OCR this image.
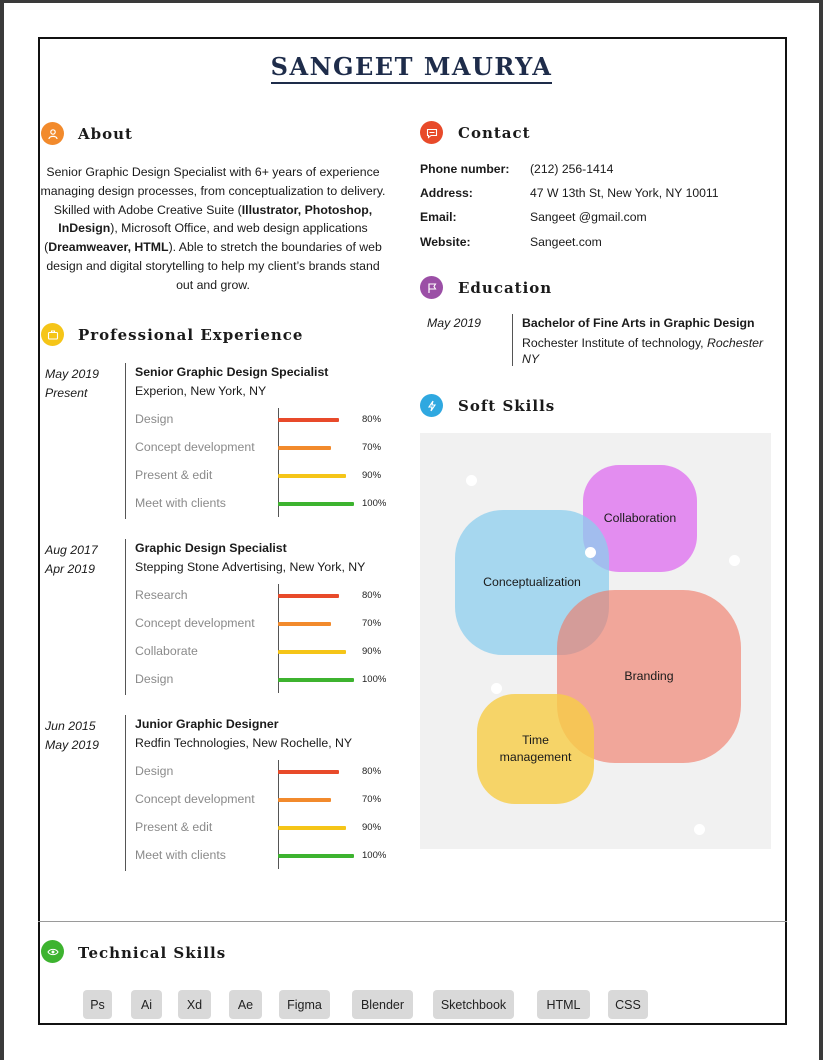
SANGEET MAURYA
About
Senior Graphic Design Specialist with 6+ years of experience managing design processes, from conceptualization to delivery. Skilled with Adobe Creative Suite (Illustrator, Photoshop, InDesign), Microsoft Office, and web design applications (Dreamweaver, HTML). Able to stretch the boundaries of web design and digital storytelling to help my client’s brands stand out and grow.
Contact
Phone number:	(212) 256-1414
Address:	47 W 13th St, New York, NY 10011
Email:	Sangeet @gmail.com
Website:	Sangeet.com
Education
May 2019	Bachelor of Fine Arts in Graphic Design
Rochester Institute of technology, Rochester NY
Professional Experience
May 2019
Present
Senior Graphic Design Specialist
Experion, New York, NY
Design	80%
Concept development	70%
Present & edit	90%
Meet with clients	100%
Aug 2017
Apr 2019
Graphic Design Specialist
Stepping Stone Advertising, New York, NY
Research	80%
Concept development	70%
Collaborate	90%
Design	100%
Jun 2015
May 2019
Junior Graphic Designer
Redfin Technologies, New Rochelle, NY
Design	80%
Concept development	70%
Present & edit	90%
Meet with clients	100%
Soft Skills
Collaboration
Conceptualization
Branding
Time management
Technical Skills
Ps	Ai	Xd	Ae	Figma	Blender	Sketchbook	HTML	CSS
